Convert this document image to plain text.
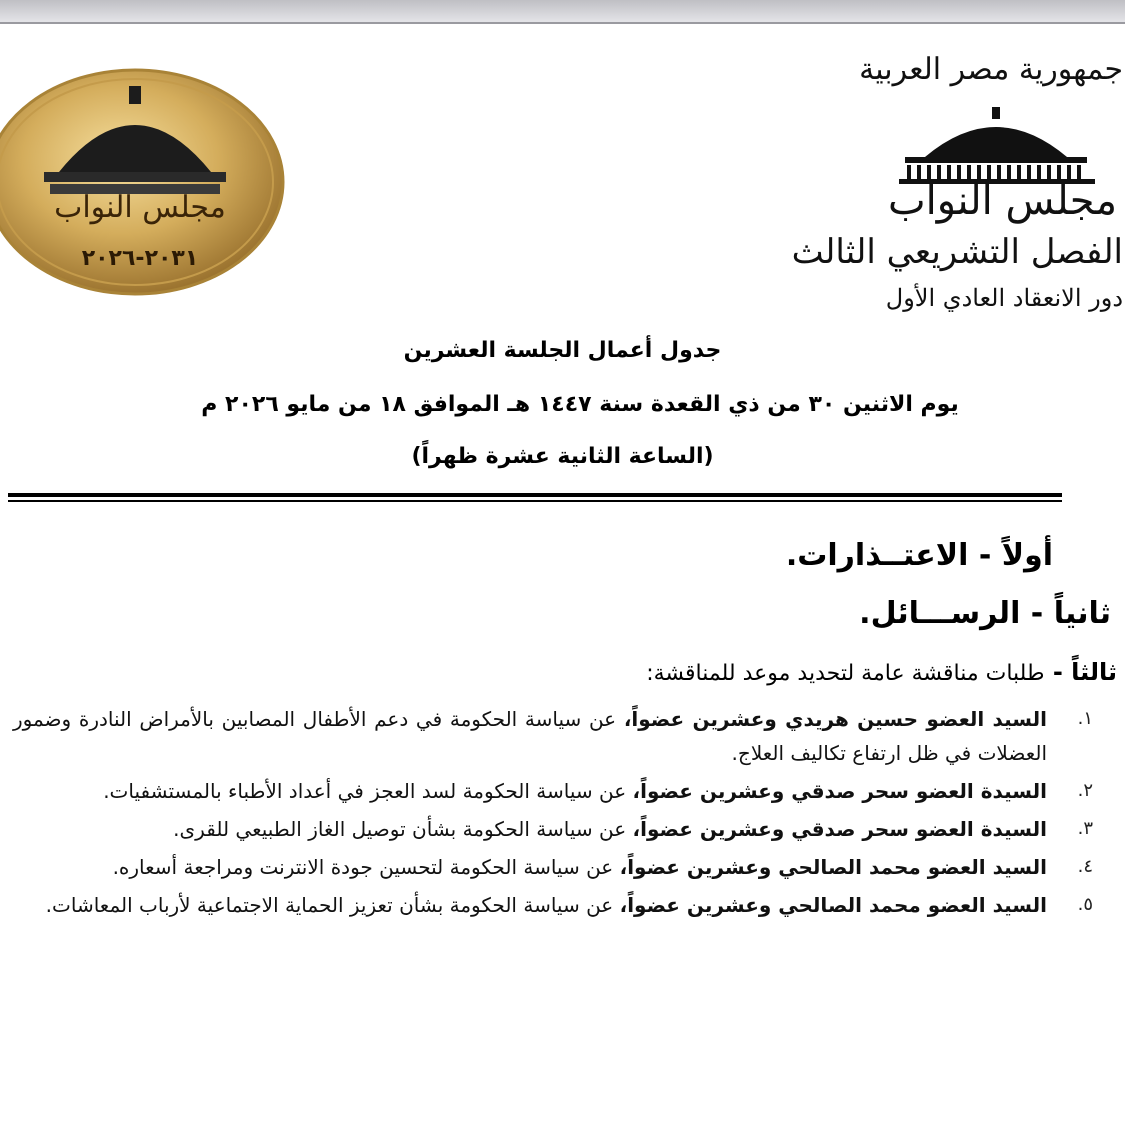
مجلس النواب
٢٠٣١-٢٠٢٦
جمهورية مصر العربية
مجلس النواب
الفصل التشريعي الثالث
دور الانعقاد العادي الأول
جدول أعمال الجلسة العشرين
يوم الاثنين ٣٠ من ذي القعدة سنة ١٤٤٧ هـ الموافق ١٨ من مايو ٢٠٢٦ م
(الساعة الثانية عشرة ظهراً)
أولاً - الاعتــذارات.
ثانياً - الرســـائل.
ثالثاً - طلبات مناقشة عامة لتحديد موعد للمناقشة:
١.
السيد العضو حسين هريدي وعشرين عضواً، عن سياسة الحكومة في دعم الأطفال المصابين بالأمراض النادرة وضمور العضلات في ظل ارتفاع تكاليف العلاج.
٢.
السيدة العضو سحر صدقي وعشرين عضواً، عن سياسة الحكومة لسد العجز في أعداد الأطباء بالمستشفيات.
٣.
السيدة العضو سحر صدقي وعشرين عضواً، عن سياسة الحكومة بشأن توصيل الغاز الطبيعي للقرى.
٤.
السيد العضو محمد الصالحي وعشرين عضواً، عن سياسة الحكومة لتحسين جودة الانترنت ومراجعة أسعاره.
٥.
السيد العضو محمد الصالحي وعشرين عضواً، عن سياسة الحكومة بشأن تعزيز الحماية الاجتماعية لأرباب المعاشات.
